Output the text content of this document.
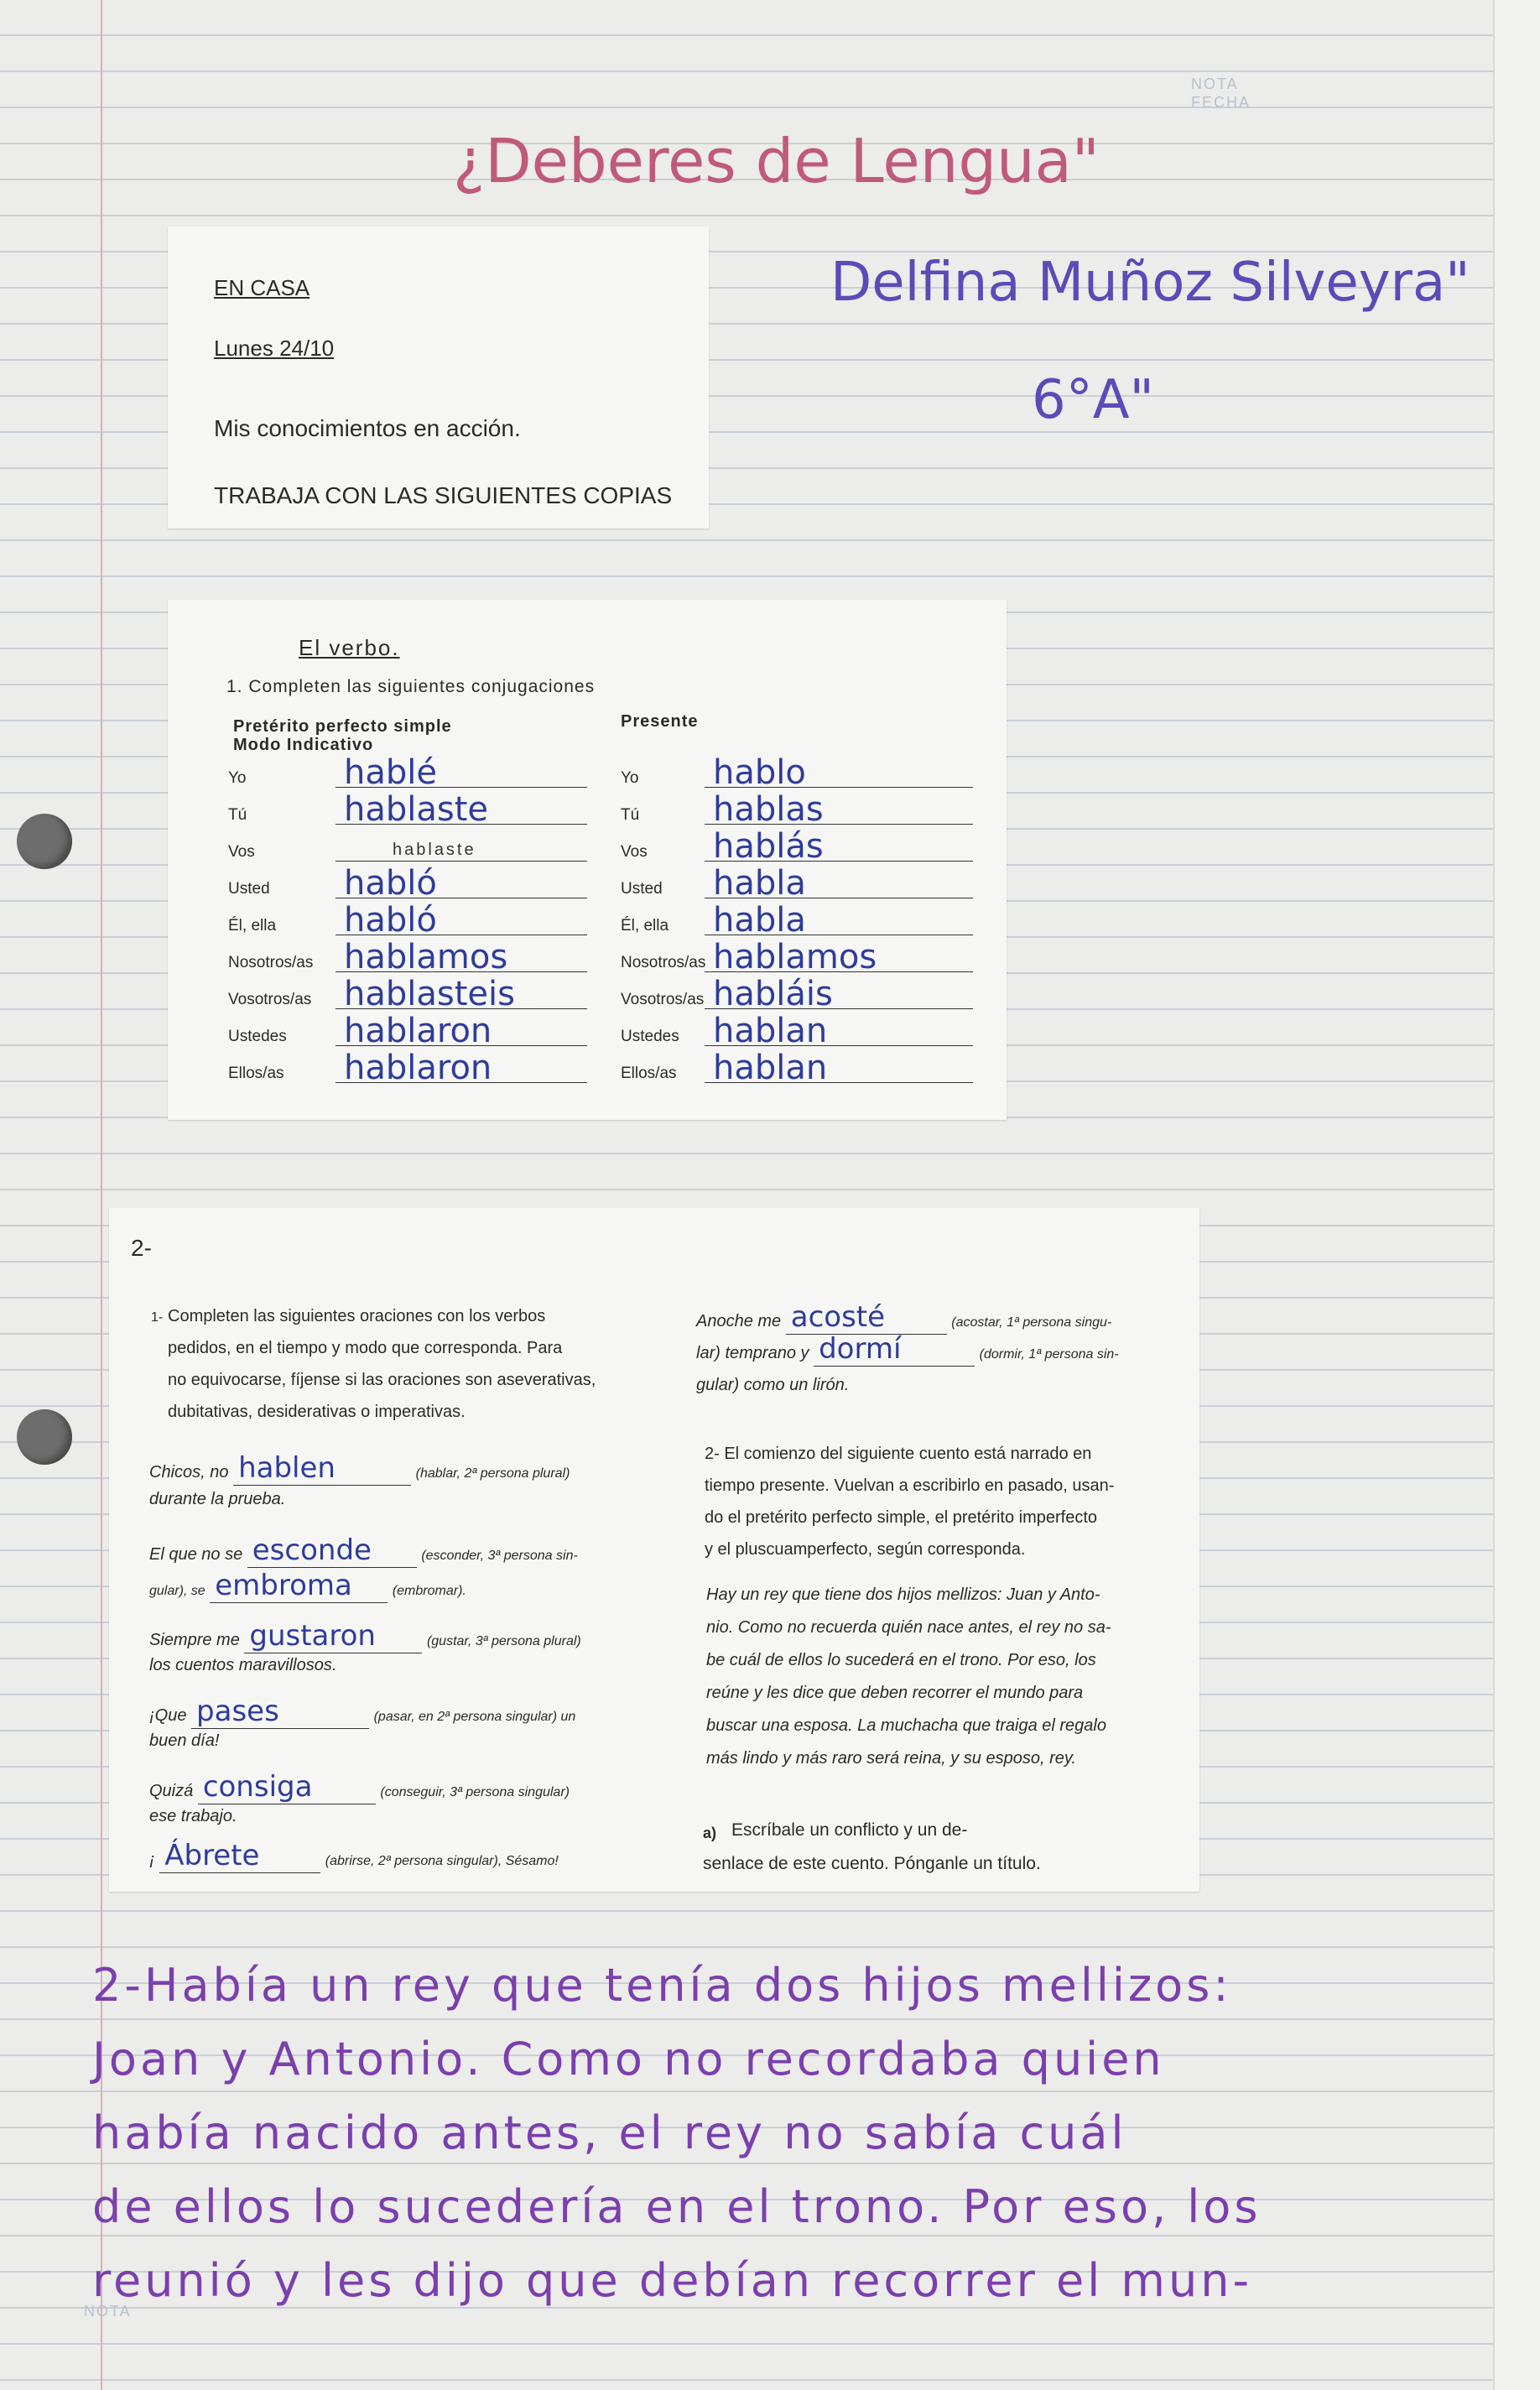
NOTA
FECHA
NOTA
¿Deberes de Lengua"
Delfina Muñoz Silveyra"
6°A"
EN CASA
Lunes 24/10
Mis conocimientos en acción.
TRABAJA CON LAS SIGUIENTES COPIAS
El verbo.
1. Completen las siguientes conjugaciones
Pretérito perfecto simple
Modo Indicativo
Presente
Yo	hablé	Yo hablo
Tú	hablaste	Tú hablas
Vos	hablaste	Vos hablás
Usted habló	Usted habla
Él, ella habló	Él, ella habla
Nosotros/as hablamos	Nosotros/as hablamos
Vosotros/as hablasteis	Vosotros/as habláis
Ustedes hablaron	Ustedes hablan
Ellos/as hablaron	Ellos/as hablan
2-
1- Completen las siguientes oraciones con los verbos
pedidos, en el tiempo y modo que corresponda. Para
no equivocarse, fíjense si las oraciones son aseverativas,
dubitativas, desiderativas o imperativas.
Chicos, no hablen	(hablar, 2ª persona plural)
durante la prueba.
El que no se esconde	(esconder, 3ª persona sin-
gular), se embroma	(embromar).
Siempre me gustaron	(gustar, 3ª persona plural)
los cuentos maravillosos.
¡Que pases	(pasar, en 2ª persona singular) un
buen día!
Quizá consiga	(conseguir, 3ª persona singular)
ese trabajo.
¡ Ábrete	(abrirse, 2ª persona singular), Sésamo!
Anoche me acosté	(acostar, 1ª persona singu-
lar) temprano y dormí	(dormir, 1ª persona sin-
gular) como un lirón.
2- El comienzo del siguiente cuento está narrado en
tiempo presente. Vuelvan a escribirlo en pasado, usan-
do el pretérito perfecto simple, el pretérito imperfecto
y el pluscuamperfecto, según corresponda.
Hay un rey que tiene dos hijos mellizos: Juan y Anto-
nio. Como no recuerda quién nace antes, el rey no sa-
be cuál de ellos lo sucederá en el trono. Por eso, los
reúne y les dice que deben recorrer el mundo para
buscar una esposa. La muchacha que traiga el regalo
más lindo y más raro será reina, y su esposo, rey.
a) Escríbale un conflicto y un de-
senlace de este cuento. Pónganle un título.
2-Había un rey que tenía dos hijos mellizos:
Joan y Antonio. Como no recordaba quien
había nacido antes, el rey no sabía cuál
de ellos lo sucedería en el trono. Por eso, los
reunió y les dijo que debían recorrer el mun-
